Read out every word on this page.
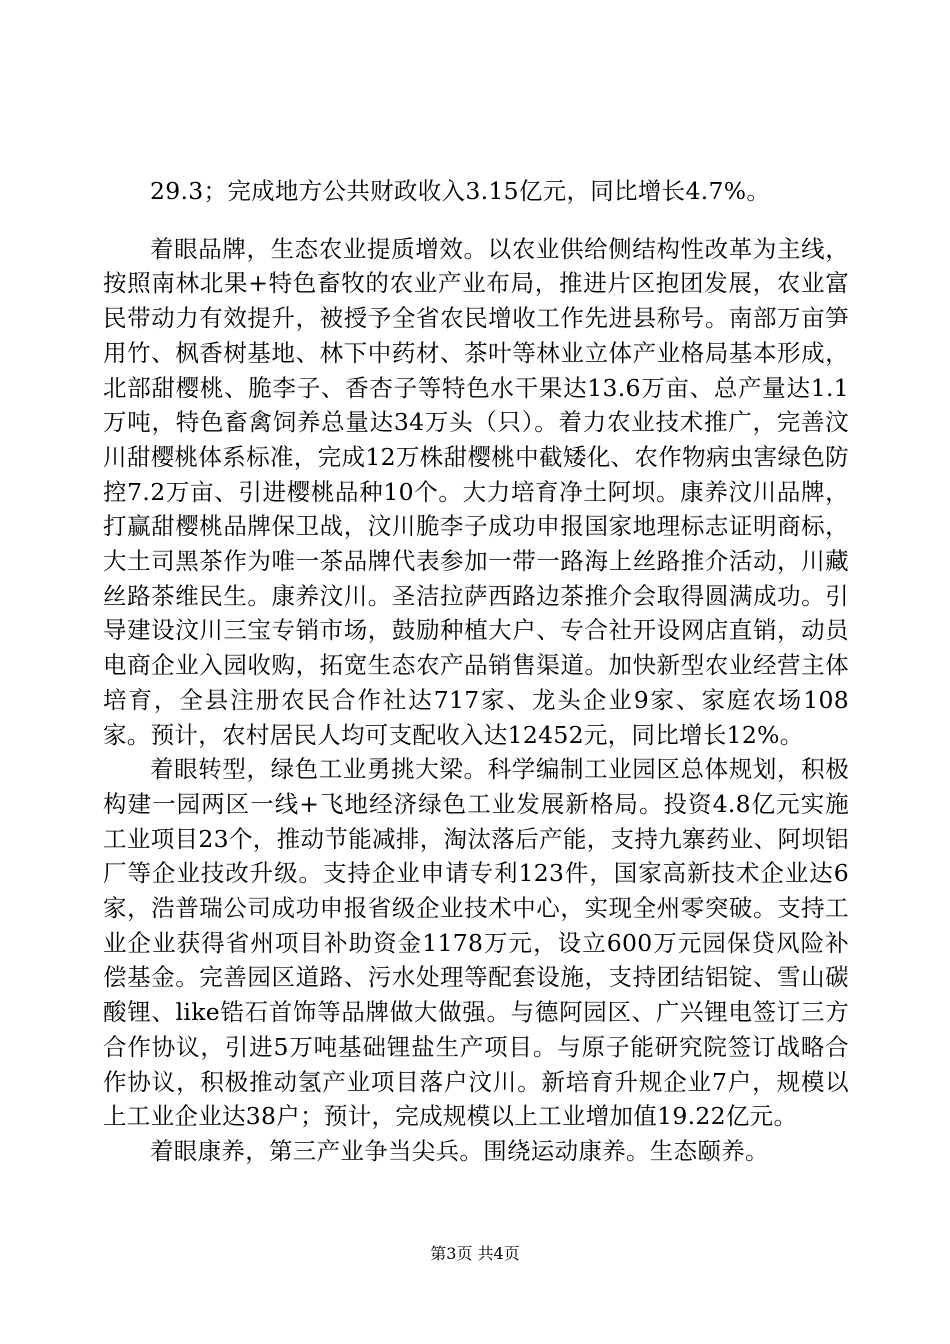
29.3；完成地方公共财政收入3.15亿元，同比增长4.7%。

着眼品牌，生态农业提质增效。以农业供给侧结构性改革为主线，按照南林北果+特色畜牧的农业产业布局，推进片区抱团发展，农业富民带动力有效提升，被授予全省农民增收工作先进县称号。南部万亩笋用竹、枫香树基地、林下中药材、茶叶等林业立体产业格局基本形成，北部甜樱桃、脆李子、香杏子等特色水干果达13.6万亩、总产量达1.1万吨，特色畜禽饲养总量达34万头（只）。着力农业技术推广，完善汶川甜樱桃体系标准，完成12万株甜樱桃中截矮化、农作物病虫害绿色防控7.2万亩、引进樱桃品种10个。大力培育净土阿坝。康养汶川品牌，打赢甜樱桃品牌保卫战，汶川脆李子成功申报国家地理标志证明商标，大土司黑茶作为唯一茶品牌代表参加一带一路海上丝路推介活动，川藏丝路茶维民生。康养汶川。圣洁拉萨西路边茶推介会取得圆满成功。引导建设汶川三宝专销市场，鼓励种植大户、专合社开设网店直销，动员电商企业入园收购，拓宽生态农产品销售渠道。加快新型农业经营主体培育，全县注册农民合作社达717家、龙头企业9家、家庭农场108家。预计，农村居民人均可支配收入达12452元，同比增长12%。

着眼转型，绿色工业勇挑大梁。科学编制工业园区总体规划，积极构建一园两区一线+飞地经济绿色工业发展新格局。投资4.8亿元实施工业项目23个，推动节能减排，淘汰落后产能，支持九寨药业、阿坝铝厂等企业技改升级。支持企业申请专利123件，国家高新技术企业达6家，浩普瑞公司成功申报省级企业技术中心，实现全州零突破。支持工业企业获得省州项目补助资金1178万元，设立600万元园保贷风险补偿基金。完善园区道路、污水处理等配套设施，支持团结铝锭、雪山碳酸锂、like锆石首饰等品牌做大做强。与德阿园区、广兴锂电签订三方合作协议，引进5万吨基础锂盐生产项目。与原子能研究院签订战略合作协议，积极推动氢产业项目落户汶川。新培育升规企业7户，规模以上工业企业达38户；预计，完成规模以上工业增加值19.22亿元。

着眼康养，第三产业争当尖兵。围绕运动康养。生态颐养。

第3页 共4页
